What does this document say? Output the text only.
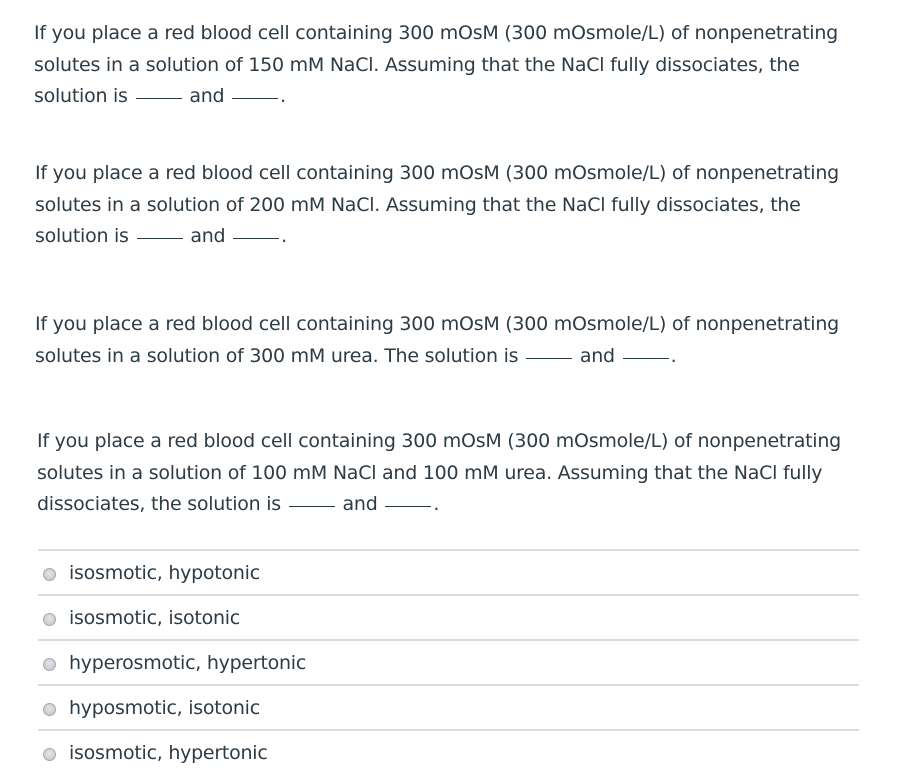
If you place a red blood cell containing 300 mOsM (300 mOsmole/L) of nonpenetrating
solutes in a solution of 150 mM NaCl. Assuming that the NaCl fully dissociates, the
solution is	and	.
If you place a red blood cell containing 300 mOsM (300 mOsmole/L) of nonpenetrating
solutes in a solution of 200 mM NaCl. Assuming that the NaCl fully dissociates, the
solution is	and	.
If you place a red blood cell containing 300 mOsM (300 mOsmole/L) of nonpenetrating
solutes in a solution of 300 mM urea. The solution is	and	.
If you place a red blood cell containing 300 mOsM (300 mOsmole/L) of nonpenetrating
solutes in a solution of 100 mM NaCl and 100 mM urea. Assuming that the NaCl fully
dissociates, the solution is	and	.
isosmotic, hypotonic
isosmotic, isotonic
hyperosmotic, hypertonic
hyposmotic, isotonic
isosmotic, hypertonic
